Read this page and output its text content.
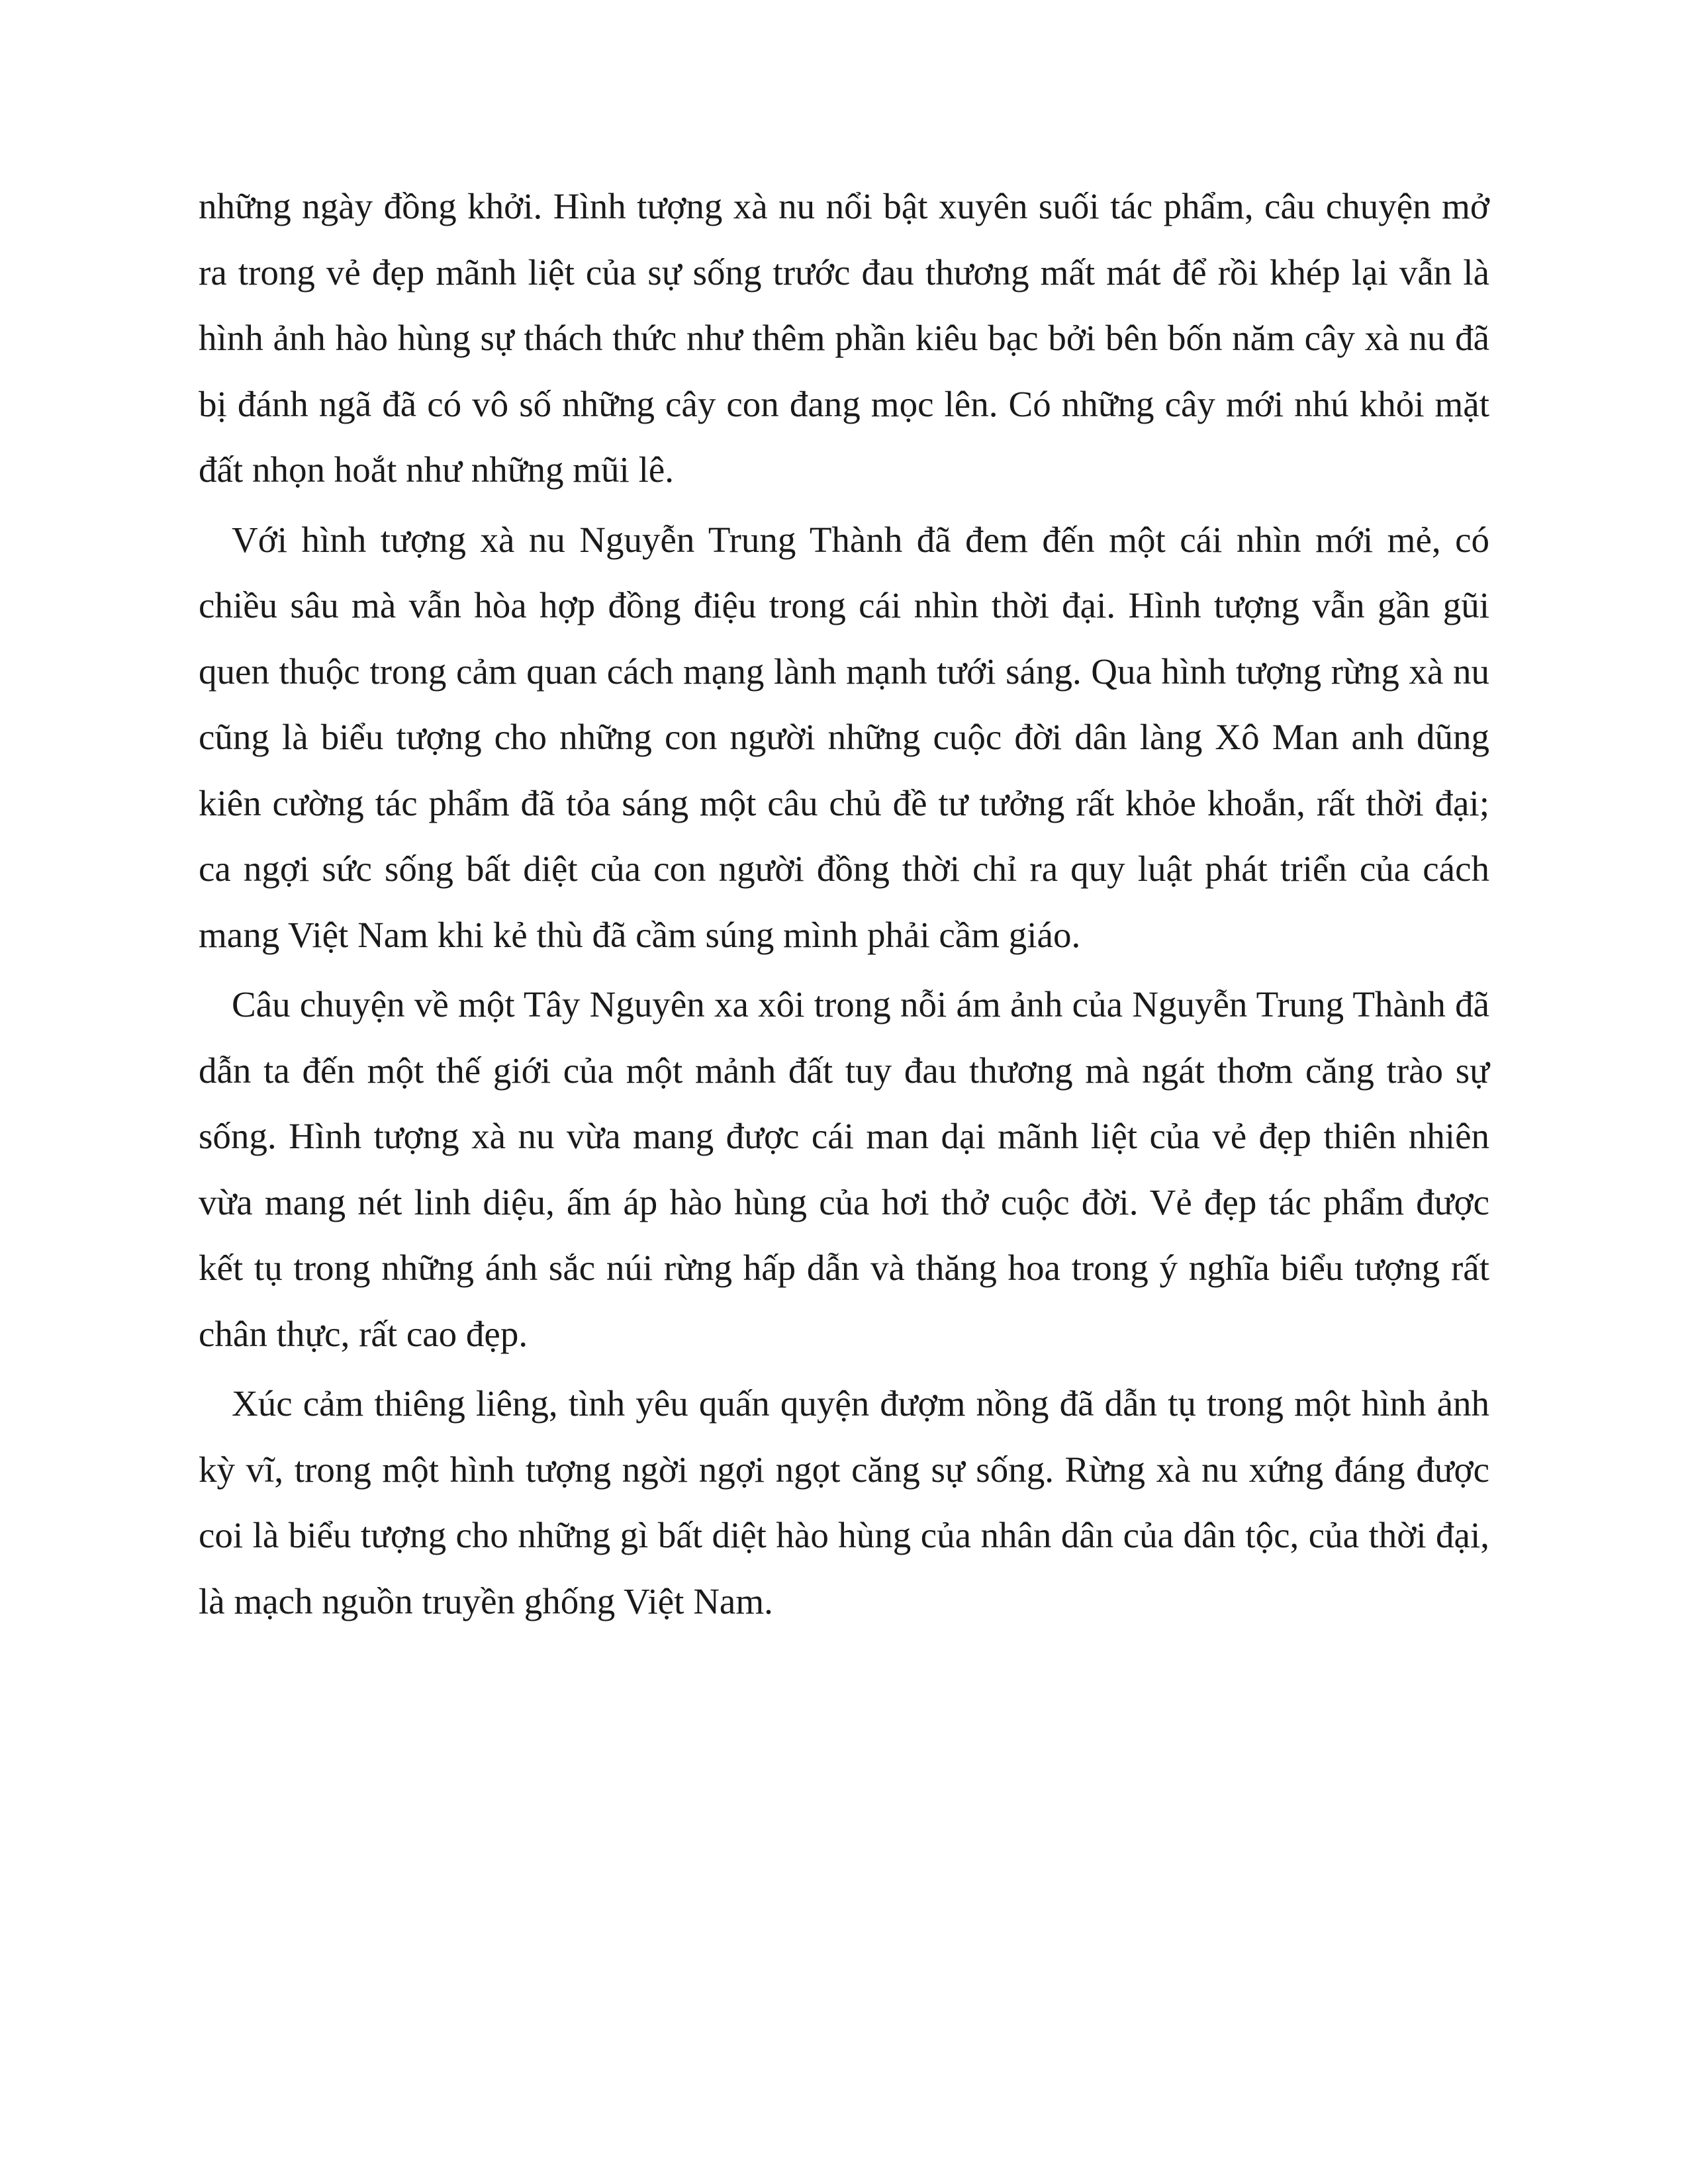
những ngày đồng khởi. Hình tượng xà nu nổi bật xuyên suối tác phẩm, câu chuyện mở ra trong vẻ đẹp mãnh liệt của sự sống trước đau thương mất mát để rồi khép lại vẫn là hình ảnh hào hùng sự thách thức như thêm phần kiêu bạc bởi bên bốn năm cây xà nu đã bị đánh ngã đã có vô số những cây con đang mọc lên. Có những cây mới nhú khỏi mặt đất nhọn hoắt như những mũi lê.

Với hình tượng xà nu Nguyễn Trung Thành đã đem đến một cái nhìn mới mẻ, có chiều sâu mà vẫn hòa hợp đồng điệu trong cái nhìn thời đại. Hình tượng vẫn gần gũi quen thuộc trong cảm quan cách mạng lành mạnh tưới sáng. Qua hình tượng rừng xà nu cũng là biểu tượng cho những con người những cuộc đời dân làng Xô Man anh dũng kiên cường tác phẩm đã tỏa sáng một câu chủ đề tư tưởng rất khỏe khoắn, rất thời đại; ca ngợi sức sống bất diệt của con người đồng thời chỉ ra quy luật phát triển của cách mang Việt Nam khi kẻ thù đã cầm súng mình phải cầm giáo.

Câu chuyện về một Tây Nguyên xa xôi trong nỗi ám ảnh của Nguyễn Trung Thành đã dẫn ta đến một thế giới của một mảnh đất tuy đau thương mà ngát thơm căng trào sự sống. Hình tượng xà nu vừa mang được cái man dại mãnh liệt của vẻ đẹp thiên nhiên vừa mang nét linh diệu, ấm áp hào hùng của hơi thở cuộc đời. Vẻ đẹp tác phẩm được kết tụ trong những ánh sắc núi rừng hấp dẫn và thăng hoa trong ý nghĩa biểu tượng rất chân thực, rất cao đẹp.

Xúc cảm thiêng liêng, tình yêu quấn quyện đượm nồng đã dẫn tụ trong một hình ảnh kỳ vĩ, trong một hình tượng ngời ngợi ngọt căng sự sống. Rừng xà nu xứng đáng được coi là biểu tượng cho những gì bất diệt hào hùng của nhân dân của dân tộc, của thời đại, là mạch nguồn truyền ghống Việt Nam.
